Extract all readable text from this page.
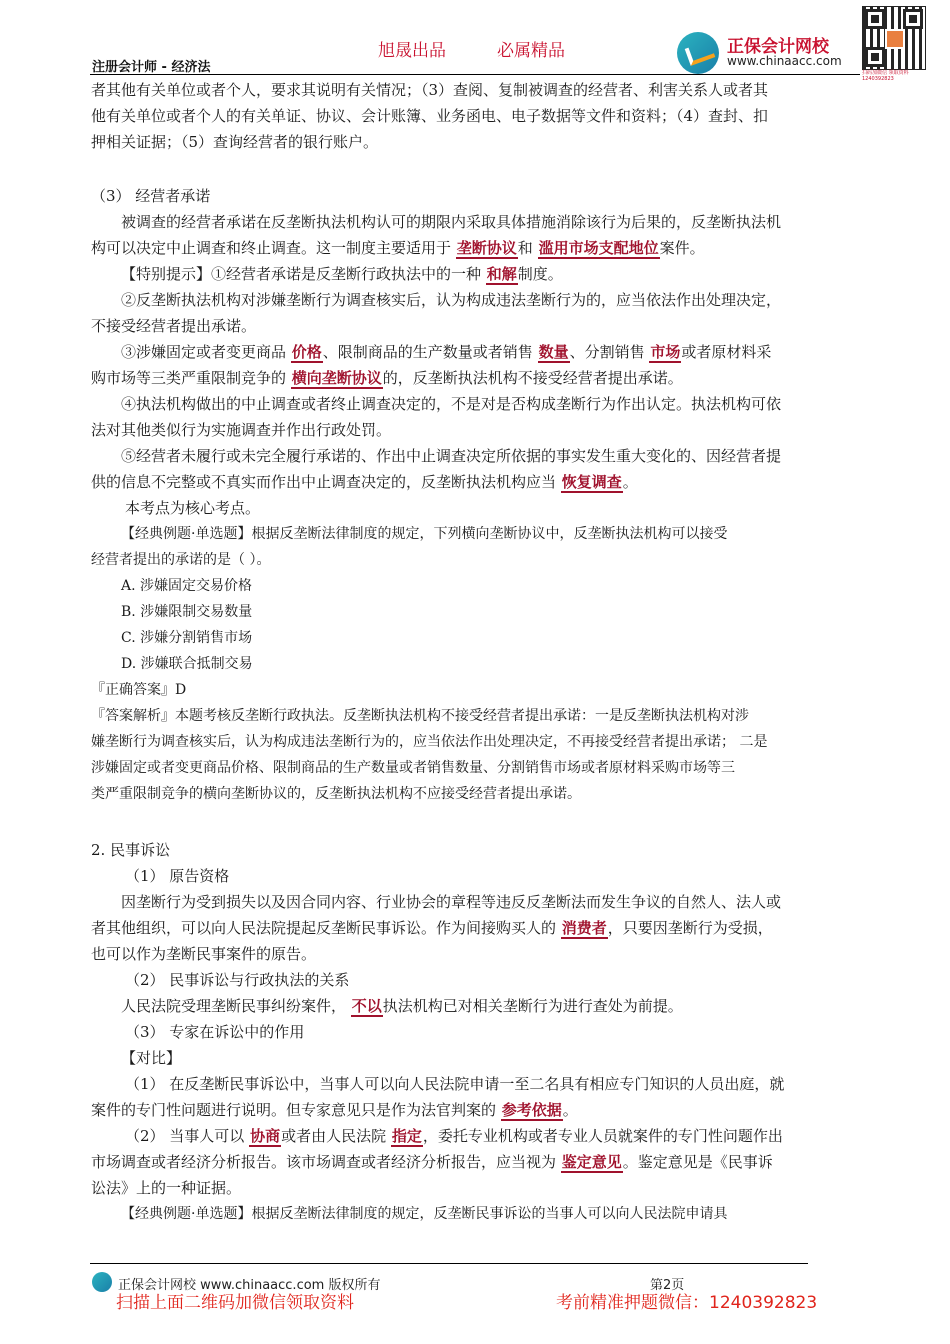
旭晟出品	必属精品
注册会计师 - 经济法
正保会计网校
www.chinaacc.com
扫码加微信 领取资料 1240392823
者其他有关单位或者个人，要求其说明有关情况；（3）查阅、复制被调查的经营者、利害关系人或者其
他有关单位或者个人的有关单证、协议、会计账簿、业务函电、电子数据等文件和资料；（4）查封、扣
押相关证据；（5）查询经营者的银行账户。
（3） 经营者承诺
被调查的经营者承诺在反垄断执法机构认可的期限内采取具体措施消除该行为后果的，反垄断执法机
构可以决定中止调查和终止调查。这一制度主要适用于 垄断协议和 滥用市场支配地位案件。
【特别提示】①经营者承诺是反垄断行政执法中的一种 和解制度。
②反垄断执法机构对涉嫌垄断行为调查核实后，认为构成违法垄断行为的，应当依法作出处理决定，
不接受经营者提出承诺。
③涉嫌固定或者变更商品 价格、限制商品的生产数量或者销售 数量、分割销售 市场或者原材料采
购市场等三类严重限制竞争的 横向垄断协议的，反垄断执法机构不接受经营者提出承诺。
④执法机构做出的中止调查或者终止调查决定的，不是对是否构成垄断行为作出认定。执法机构可依
法对其他类似行为实施调查并作出行政处罚。
⑤经营者未履行或未完全履行承诺的、作出中止调查决定所依据的事实发生重大变化的、因经营者提
供的信息不完整或不真实而作出中止调查决定的，反垄断执法机构应当 恢复调查。
本考点为核心考点。
【经典例题·单选题】根据反垄断法律制度的规定，下列横向垄断协议中，反垄断执法机构可以接受
经营者提出的承诺的是（ ）。
A. 涉嫌固定交易价格
B. 涉嫌限制交易数量
C. 涉嫌分割销售市场
D. 涉嫌联合抵制交易
『正确答案』D
『答案解析』本题考核反垄断行政执法。反垄断执法机构不接受经营者提出承诺：一是反垄断执法机构对涉
嫌垄断行为调查核实后，认为构成违法垄断行为的，应当依法作出处理决定，不再接受经营者提出承诺； 二是
涉嫌固定或者变更商品价格、限制商品的生产数量或者销售数量、分割销售市场或者原材料采购市场等三
类严重限制竞争的横向垄断协议的，反垄断执法机构不应接受经营者提出承诺。
2. 民事诉讼
（1） 原告资格
因垄断行为受到损失以及因合同内容、行业协会的章程等违反反垄断法而发生争议的自然人、法人或
者其他组织，可以向人民法院提起反垄断民事诉讼。作为间接购买人的 消费者，只要因垄断行为受损，
也可以作为垄断民事案件的原告。
（2） 民事诉讼与行政执法的关系
人民法院受理垄断民事纠纷案件， 不以执法机构已对相关垄断行为进行查处为前提。
（3） 专家在诉讼中的作用
【对比】
（1） 在反垄断民事诉讼中，当事人可以向人民法院申请一至二名具有相应专门知识的人员出庭，就
案件的专门性问题进行说明。但专家意见只是作为法官判案的 参考依据。
（2） 当事人可以 协商或者由人民法院 指定，委托专业机构或者专业人员就案件的专门性问题作出
市场调查或者经济分析报告。该市场调查或者经济分析报告，应当视为 鉴定意见。鉴定意见是《民事诉
讼法》上的一种证据。
【经典例题·单选题】根据反垄断法律制度的规定，反垄断民事诉讼的当事人可以向人民法院申请具
正保会计网校 www.chinaacc.com 版权所有	第2页
扫描上面二维码加微信领取资料	考前精准押题微信：1240392823
